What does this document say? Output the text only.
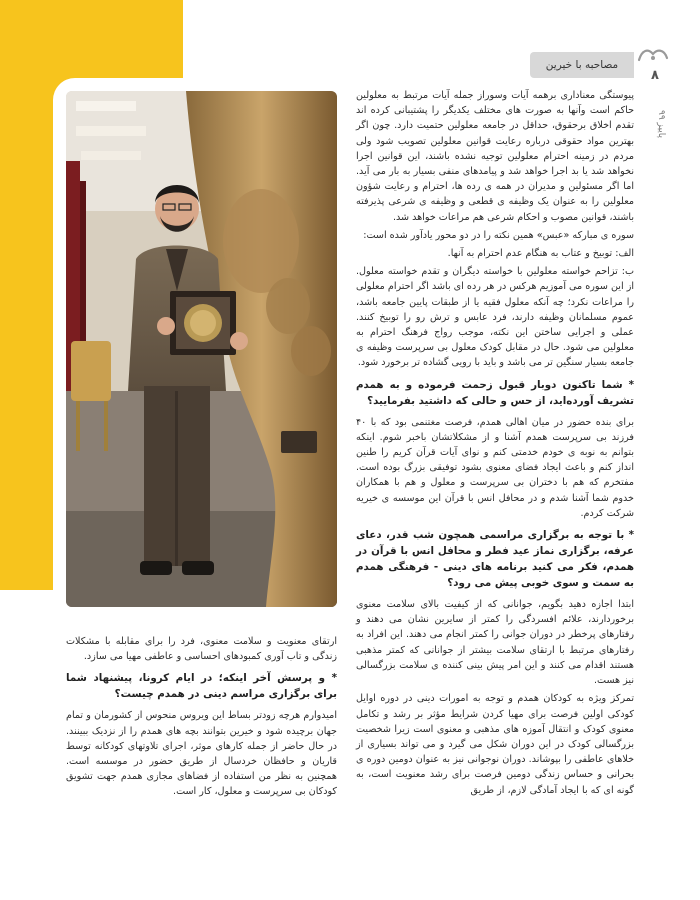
مصاحبه با خیرین
۸
پاییز ۹۹

پیوستگی معناداری برهمه آیات وسوراز جمله آیات مرتبط به معلولین حاکم است وآنها به صورت های مختلف یکدیگر را پشتیبانی کرده اند تقدم اخلاق برحقوق، حداقل در جامعه معلولین حتمیت دارد. چون اگر بهترین مواد حقوقی درباره رعایت قوانین معلولین تصویب شود ولی مردم در زمینه احترام معلولین توجیه نشده باشند، این قوانین اجرا نخواهد شد یا بد اجرا خواهد شد و پیامدهای منفی بسیار به بار می آید. اما اگر مسئولین و مدیران در همه ی رده ها، احترام و رعایت شؤون معلولین را به عنوان یک وظیفه ی قطعی و وظیفه ی شرعی پذیرفته باشند، قوانین مصوب و احکام شرعی هم مراعات خواهد شد.

سوره ی مبارکه «عبس» همین نکته را در دو محور یادآور شده است:

الف: توبیخ و عتاب به هنگام عدم احترام به آنها.

ب: تزاحم خواسته معلولین با خواسته دیگران و تقدم خواسته معلول. از این سوره می آموزیم هرکس در هر رده ای باشد اگر احترام معلولی را مراعات نکرد؛ چه آنکه معلول فقیه یا از طبقات پایین جامعه باشد، عموم مسلمانان وظیفه دارند، فرد عابس و ترش رو را توبیخ کنند. عملی و اجرایی ساختن این نکته، موجب رواج فرهنگ احترام به معلولین می شود. حال در مقابل کودک معلول بی سرپرست وظیفه ی جامعه بسیار سنگین تر می باشد و باید با رویی گشاده تر برخورد شود.

* شما تاکنون دوبار قبول زحمت فرموده و به همدم تشریف آورده‌اید، از حس و حالی که داشتید بفرمایید؟

برای بنده حضور در میان اهالی همدم، فرصت مغتنمی بود که با ۴۰ فرزند بی سرپرست همدم آشنا و از مشکلاتشان باخبر شوم. اینکه بتوانم به نوبه ی خودم خدمتی کنم و نوای آیات قرآن کریم را طنین انداز کنم و باعث ایجاد فضای معنوی بشود توفیقی بزرگ بوده است. مفتخرم که هم با دختران بی سرپرست و معلول و هم با همکاران خدوم شما آشنا شدم و در محافل انس با قرآن این موسسه ی خیریه شرکت کردم.

* با توجه به برگزاری مراسمی همچون شب قدر، دعای عرفه، برگزاری نماز عید فطر و محافل انس با قرآن در همدم، فکر می کنید برنامه های دینی - فرهنگی همدم به سمت و سوی خوبی پیش می رود؟

ابتدا اجازه دهید بگویم، جوانانی که از کیفیت بالای سلامت معنوی برخوردارند، علائم افسردگی را کمتر از سایرین نشان می دهند و رفتارهای پرخطر در دوران جوانی را کمتر انجام می دهند. این افراد به رفتارهای مرتبط با ارتقای سلامت بیشتر از جوانانی که کمتر مذهبی هستند اقدام می کنند و این امر پیش بینی کننده ی سلامت بزرگسالی نیز هست.

تمرکز ویژه به کودکان همدم و توجه به امورات دینی در دوره اوایل کودکی اولین فرصت برای مهیا کردن شرایط مؤثر بر رشد و تکامل معنوی کودک و انتقال آموزه های مذهبی و معنوی است زیرا شخصیت بزرگسالی کودک در این دوران شکل می گیرد و می تواند بسیاری از خلاهای عاطفی را بپوشاند. دوران نوجوانی نیز به عنوان دومین دوره ی بحرانی و حساس زندگی دومین فرصت برای رشد معنویت است، به گونه ای که با ایجاد آمادگی لازم، از طریق

ارتقای معنویت و سلامت معنوی، فرد را برای مقابله با مشکلات زندگی و تاب آوری کمبودهای احساسی و عاطفی مهیا می سازد.

* و پرسش آخر اینکه؛ در ایام کرونا، پیشنهاد شما برای برگزاری مراسم دینی در همدم چیست؟

امیدوارم هرچه زودتر بساط این ویروس منحوس از کشورمان و تمام جهان برچیده شود و خیرین بتوانند بچه های همدم را از نزدیک ببینند. در حال حاضر از جمله کارهای موثر، اجرای تلاوتهای کودکانه توسط قاریان و حافظان خردسال از طریق حضور در موسسه است. همچنین به نظر من استفاده از فضاهای مجازی همدم جهت تشویق کودکان بی سرپرست و معلول، کار است.
